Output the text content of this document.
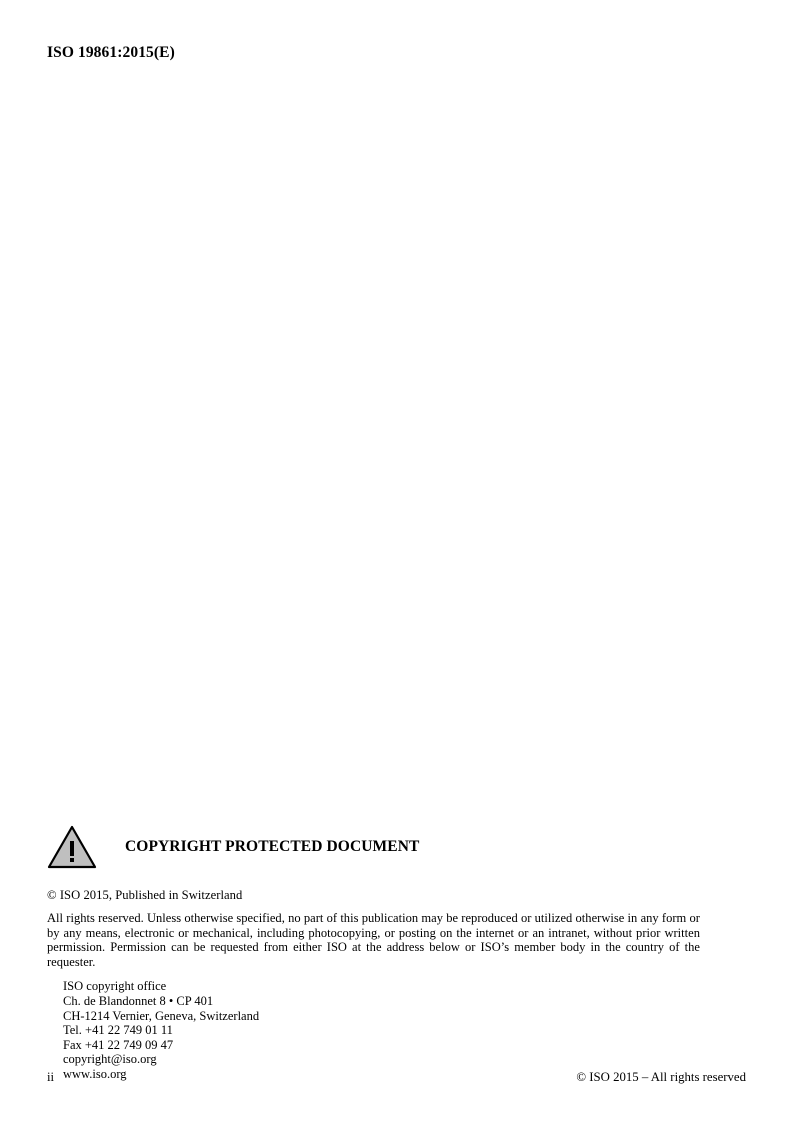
ISO 19861:2015(E)
COPYRIGHT PROTECTED DOCUMENT
© ISO 2015, Published in Switzerland
All rights reserved. Unless otherwise specified, no part of this publication may be reproduced or utilized otherwise in any form or by any means, electronic or mechanical, including photocopying, or posting on the internet or an intranet, without prior written permission. Permission can be requested from either ISO at the address below or ISO’s member body in the country of the requester.
ISO copyright office
Ch. de Blandonnet 8 • CP 401
CH-1214 Vernier, Geneva, Switzerland
Tel. +41 22 749 01 11
Fax +41 22 749 09 47
copyright@iso.org
www.iso.org
ii	© ISO 2015 – All rights reserved
